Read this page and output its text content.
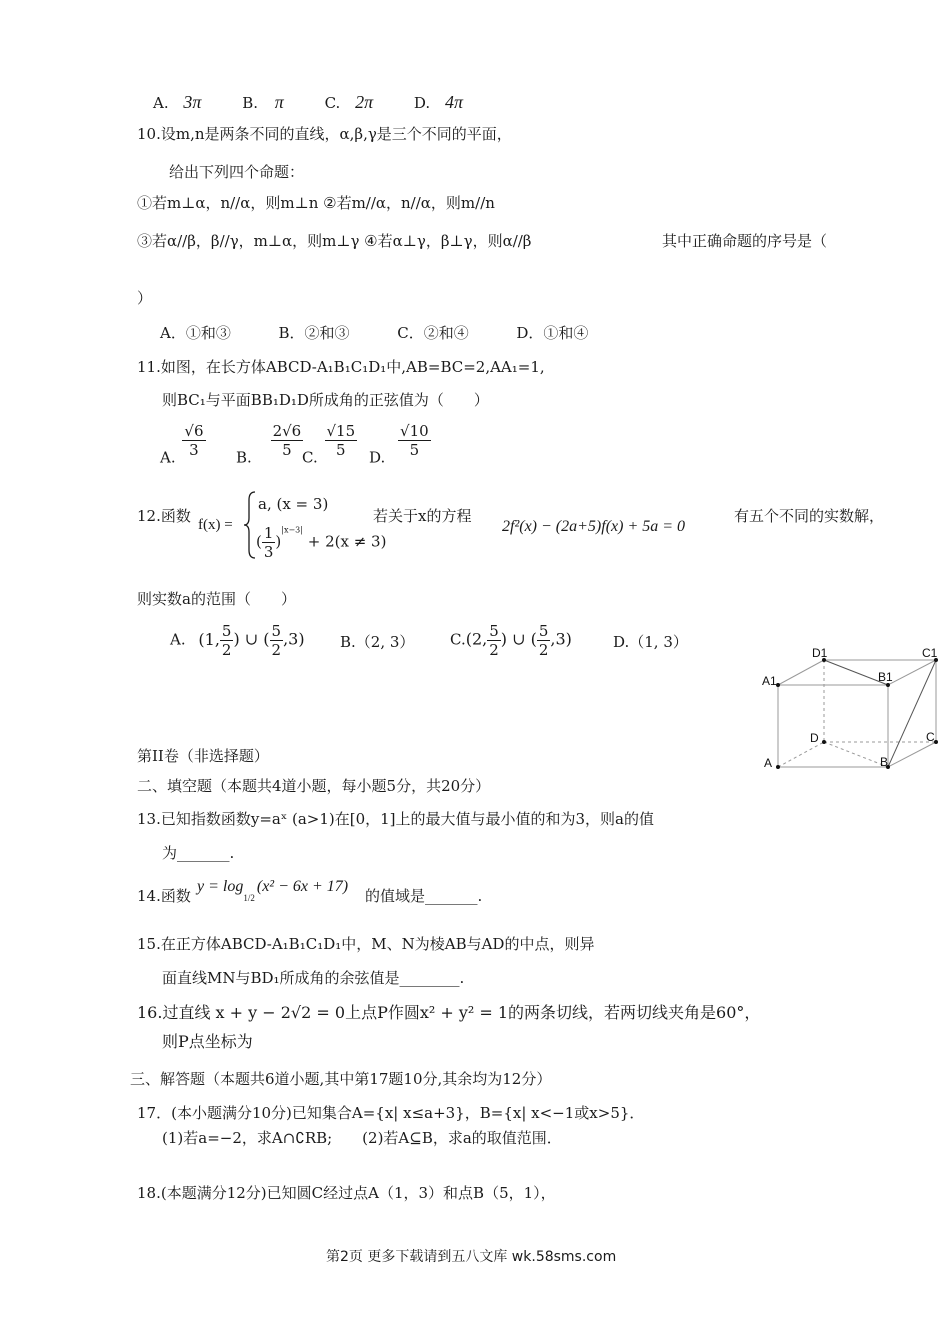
A. 3π	B. π	C. 2π	D. 4π
10.设m,n是两条不同的直线，α,β,γ是三个不同的平面，
给出下列四个命题：
①若m⊥α，n//α，则m⊥n ②若m//α，n//α，则m//n
③若α//β，β//γ，m⊥α，则m⊥γ ④若α⊥γ，β⊥γ，则α//β	其中正确命题的序号是（
）
A．①和③          B．②和③          C．②和④          D．①和④
11.如图，在长方体ABCD-A₁B₁C₁D₁中,AB=BC=2,AA₁=1,
则BC₁与平面BB₁D₁D所成角的正弦值为（　　）
A. $\frac{√6}{3} B$. $\frac{2√6}{5}$
C. $\frac{√15}{5} D$. $\frac{√10}{5}$
12.函数 f(x) =
a, (x = 3)
( $\frac{1}{3} )^{|x-3|} + 2(x \ne 3)$
若关于x的方程
2f²(x) − (2a+5)f(x) + 5a = 0
有五个不同的实数解，
则实数a的范围（　　）
A. (1, $\frac{5}{2}$ ) ∪ ( $\frac{5}{2} ,3$) B.（2, 3） C.(2, $\frac{5}{2}$ ) ∪ ( $\frac{5}{2} ,3$)	D.（1, 3）
D1	C1
A1	B1
D	C
A	B
第II卷（非选择题）
二、填空题（本题共4道小题，每小题5分，共20分）
13.已知指数函数y=aˣ (a>1)在[0，1]上的最大值与最小值的和为3，则a的值
为_______.
14.函数
$y = \log_{1/2}(x^2 - 6x + 17)$
的值域是_______.
15.在正方体ABCD-A₁B₁C₁D₁中，M、N为棱AB与AD的中点，则异
面直线MN与BD₁所成角的余弦值是________.
16.过直线 x + y − 2√2 = 0上点P作圆x² + y² = 1的两条切线，若两切线夹角是60°，
则P点坐标为
三、解答题（本题共6道小题,其中第17题10分,其余均为12分）
17．(本小题满分10分)已知集合A={x| x≤a+3}，B={x| x<−1或x>5}．
(1)若a=−2，求A∩∁RB;　　(2)若A⊆B，求a的取值范围．
18.(本题满分12分)已知圆C经过点A（1，3）和点B（5，1），
第2页 更多下载请到五八文库 wk.58sms.com
